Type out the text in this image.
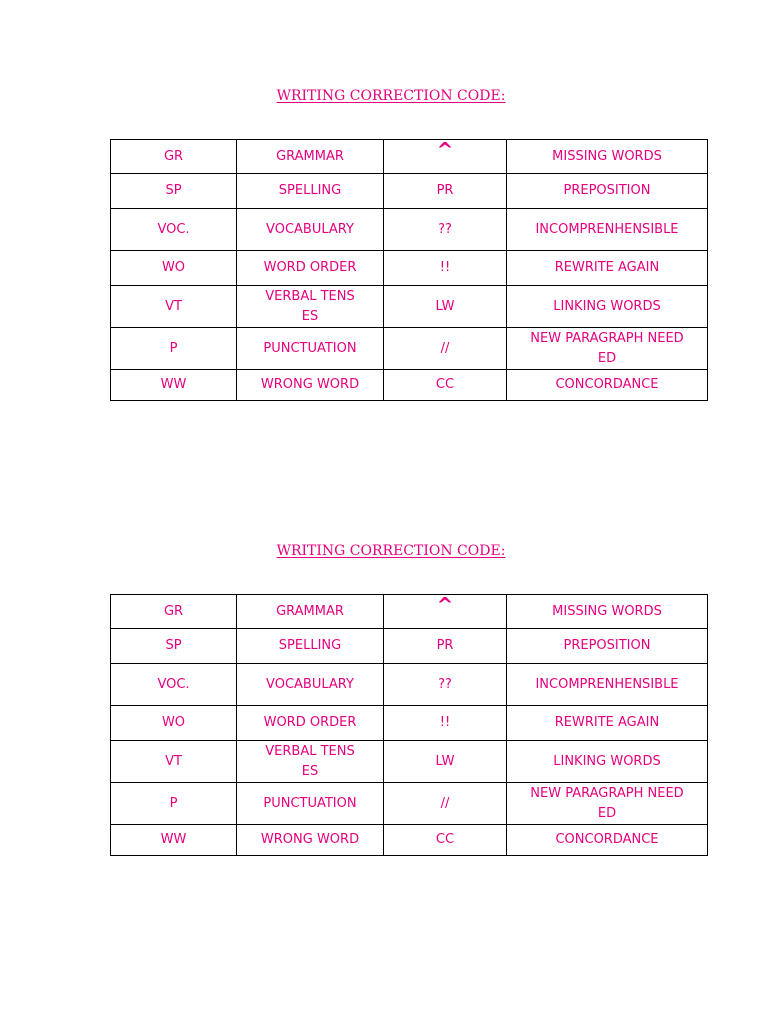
WRITING CORRECTION CODE:
GR	GRAMMAR	^	MISSING WORDS
SP	SPELLING	PR	PREPOSITION
VOC.	VOCABULARY	??	INCOMPRENHENSIBLE
WO	WORD ORDER	!!	REWRITE AGAIN
VT	VERBAL TENSES	LW	LINKING WORDS
P	PUNCTUATION	//	NEW PARAGRAPH NEEDED
WW	WRONG WORD	CC	CONCORDANCE
WRITING CORRECTION CODE:
GR	GRAMMAR	^	MISSING WORDS
SP	SPELLING	PR	PREPOSITION
VOC.	VOCABULARY	??	INCOMPRENHENSIBLE
WO	WORD ORDER	!!	REWRITE AGAIN
VT	VERBAL TENSES	LW	LINKING WORDS
P	PUNCTUATION	//	NEW PARAGRAPH NEEDED
WW	WRONG WORD	CC	CONCORDANCE
